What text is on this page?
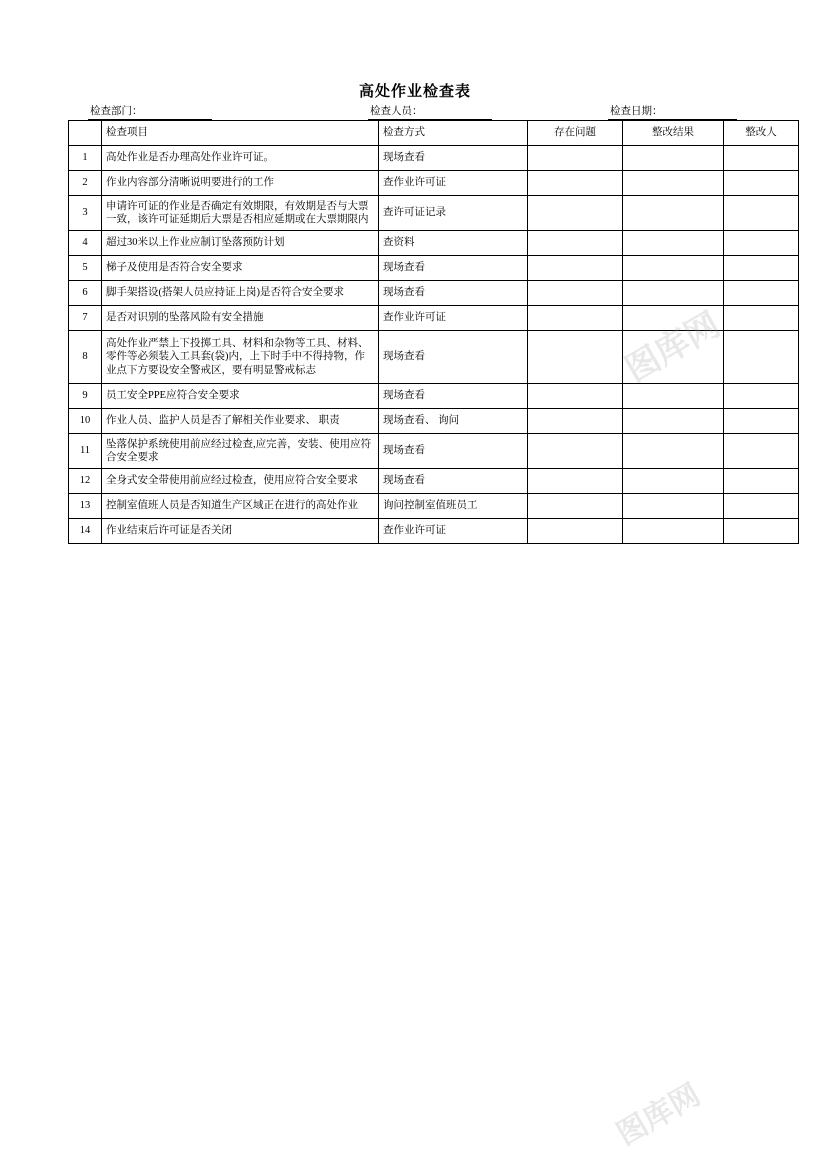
高处作业检查表
检查部门：	检查人员：	检查日期：
	检查项目	检查方式	存在问题	整改结果	整改人
1	高处作业是否办理高处作业许可证。	现场查看			
2	作业内容部分清晰说明要进行的工作	查作业许可证			
3	申请许可证的作业是否确定有效期限，有效期是否与大票一致，该许可证延期后大票是否相应延期或在大票期限内	查许可证记录			
4	超过30米以上作业应制订坠落预防计划	查资料			
5	梯子及使用是否符合安全要求	现场查看			
6	脚手架搭设(搭架人员应持证上岗)是否符合安全要求	现场查看			
7	是否对识别的坠落风险有安全措施	查作业许可证			
8	高处作业严禁上下投掷工具、材料和杂物等工具、材料、零件等必须装入工具套(袋)内，上下时手中不得持物，作业点下方要设安全警戒区，要有明显警戒标志	现场查看			
9	员工安全PPE应符合安全要求	现场查看			
10	作业人员、监护人员是否了解相关作业要求、 职责	现场查看、 询问			
11	坠落保护系统使用前应经过检查,应完善，安装、使用应符合安全要求	现场查看			
12	全身式安全带使用前应经过检查，使用应符合安全要求	现场查看			
13	控制室值班人员是否知道生产区域正在进行的高处作业	询问控制室值班员工			
14	作业结束后许可证是否关闭	查作业许可证			
图库网
图库网
